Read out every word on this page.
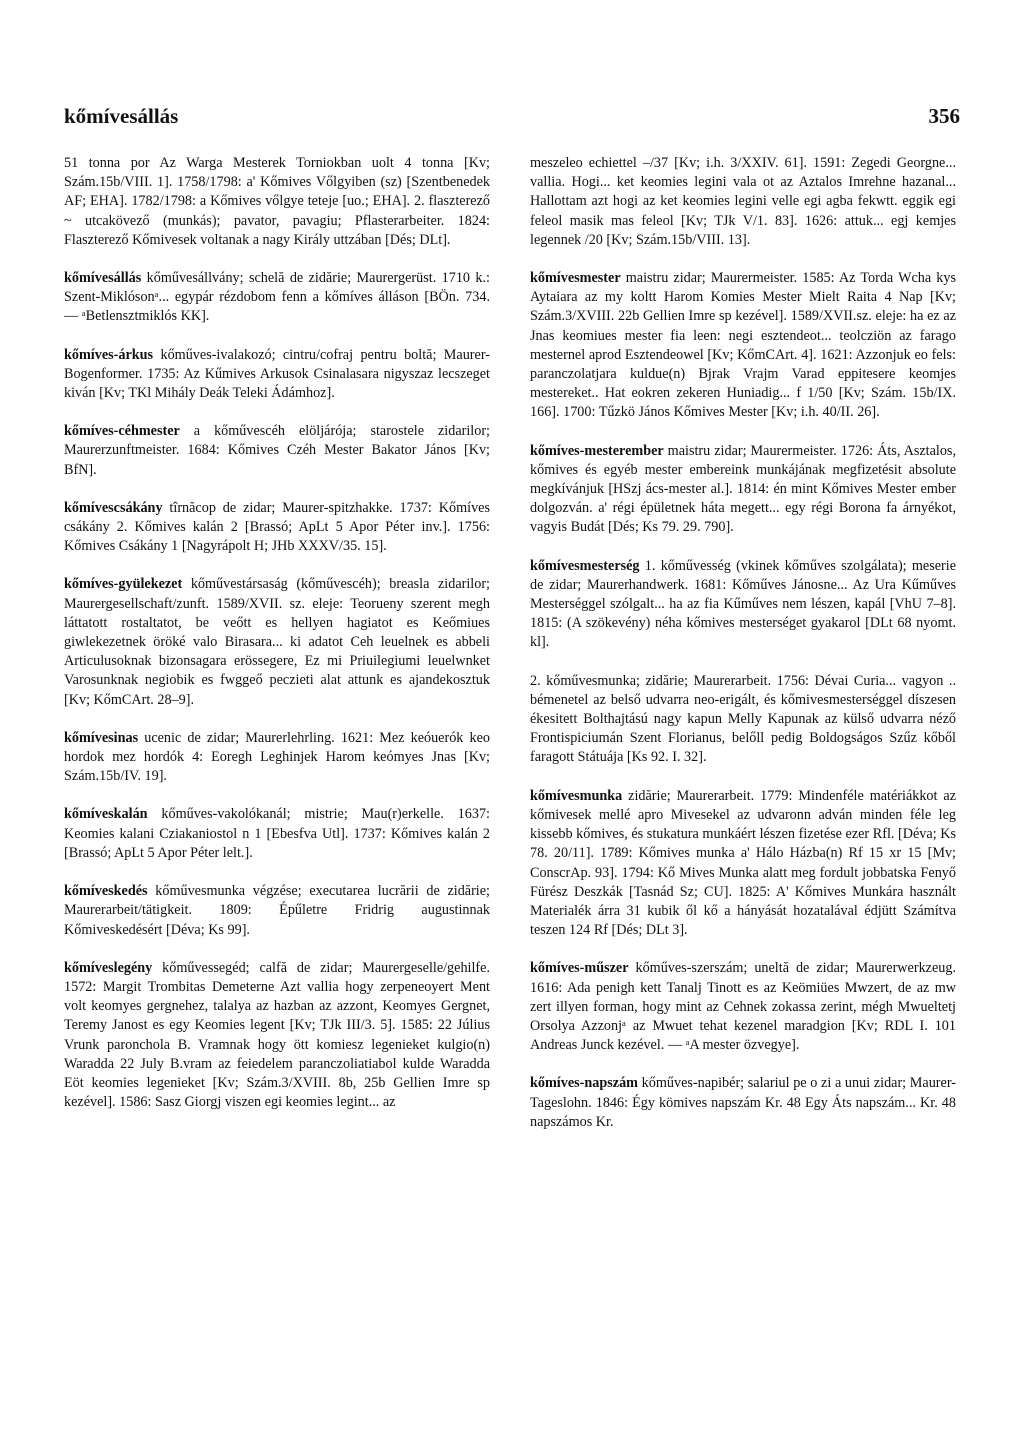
kőmívesállás	356

51 tonna por Az Warga Mesterek Torniokban uolt 4 tonna [Kv; Szám.15b/VIII. 1]. 1758/1798: a' Kőmives Vőlgyiben (sz) [Szentbenedek AF; EHA]. 1782/1798: a Kőmives vőlgye teteje [uo.; EHA]. 2. flaszterező ~ utcakövező (munkás); pavator, pavagiu; Pflasterarbeiter. 1824: Flaszterező Kőmivesek voltanak a nagy Király uttzában [Dés; DLt].

kőmívesállás kőművesállvány; schelă de zidărie; Maurergerüst. 1710 k.: Szent-Miklósonᵃ... egypár rézdobom fenn a kőmíves álláson [BÖn. 734. — ᵃBetlensztmiklós KK].

kőmíves-árkus kőműves-ivalakozó; cintru/cofraj pentru boltă; Maurer-Bogenformer. 1735: Az Kűmives Arkusok Csinalasara nigyszaz lecszeget kiván [Kv; TKl Mihály Deák Teleki Ádámhoz].

kőmíves-céhmester a kőművescéh elöljárója; starostele zidarilor; Maurerzunftmeister. 1684: Kőmives Czéh Mester Bakator János [Kv; BfN].

kőmívescsákány tîrnăcop de zidar; Maurer-spitzhakke. 1737: Kőmíves csákány 2. Kőmives kalán 2 [Brassó; ApLt 5 Apor Péter inv.]. 1756: Kőmives Csákány 1 [Nagyrápolt H; JHb XXXV/35. 15].

kőmíves-gyülekezet kőművestársaság (kőművescéh); breasla zidarilor; Maurergesellschaft/zunft. 1589/XVII. sz. eleje: Teorueny szerent megh láttatott rostaltatot, be veőtt es hellyen hagiatot es Keőmiues giwlekezetnek öröké valo Birasara... ki adatot Ceh leuelnek es abbeli Articulusoknak bizonsagara erössegere, Ez mi Priuilegiumi leuelwnket Varosunknak negiobik es fwggeő peczieti alat attunk es ajandekosztuk [Kv; KőmCArt. 28–9].

kőmívesinas ucenic de zidar; Maurerlehrling. 1621: Mez keóuerók keo hordok mez hordók 4: Eoregh Leghinjek Harom keómyes Jnas [Kv; Szám.15b/IV. 19].

kőmíveskalán kőműves-vakolókanál; mistrie; Mau(r)erkelle. 1637: Keomies kalani Cziakaniostol n 1 [Ebesfva Utl]. 1737: Kőmives kalán 2 [Brassó; ApLt 5 Apor Péter lelt.].

kőmíveskedés kőművesmunka végzése; executarea lucrării de zidărie; Maurerarbeit/tätigkeit. 1809: Épűletre Fridrig augustinnak Kőmiveskedésért [Déva; Ks 99].

kőmíveslegény kőművessegéd; calfă de zidar; Maurergeselle/gehilfe. 1572: Margit Trombitas Demeterne Azt vallia hogy zerpeneoyert Ment volt keomyes gergnehez, talalya az hazban az azzont, Keomyes Gergnet, Teremy Janost es egy Keomies legent [Kv; TJk III/3. 5]. 1585: 22 Július Vrunk paronchola B. Vramnak hogy ött komiesz legenieket kulgio(n) Waradda 22 July B.vram az feiedelem paranczoliatiabol kulde Waradda Eöt keomies legenieket [Kv; Szám.3/XVIII. 8b, 25b Gellien Imre sp kezével]. 1586: Sasz Giorgj viszen egi keomies legint... az

meszeleo echiettel –/37 [Kv; i.h. 3/XXIV. 61]. 1591: Zegedi Georgne... vallia. Hogi... ket keomies legini vala ot az Aztalos Imrehne hazanal... Hallottam azt hogi az ket keomies legini velle egi agba fekwtt. eggik egi feleol masik mas feleol [Kv; TJk V/1. 83]. 1626: attuk... egj kemjes legennek /20 [Kv; Szám.15b/VIII. 13].

kőmívesmester maistru zidar; Maurermeister. 1585: Az Torda Wcha kys Aytaiara az my koltt Harom Komies Mester Mielt Raita 4 Nap [Kv; Szám.3/XVIII. 22b Gellien Imre sp kezével]. 1589/XVII.sz. eleje: ha ez az Jnas keomiues mester fia leen: negi esztendeot... teolcziön az farago mesternel aprod Esztendeowel [Kv; KőmCArt. 4]. 1621: Azzonjuk eo fels: paranczolatjara kuldue(n) Bjrak Vrajm Varad eppitesere keomjes mestereket.. Hat eokren zekeren Huniadig... f 1/50 [Kv; Szám. 15b/IX. 166]. 1700: Tűzkö János Kőmives Mester [Kv; i.h. 40/II. 26].

kőmíves-mesterember maistru zidar; Maurermeister. 1726: Áts, Asztalos, kőmives és egyéb mester embereink munkájának megfizetésit absolute megkívánjuk [HSzj ács-mester al.]. 1814: én mint Kőmives Mester ember dolgozván. a' régi épületnek háta megett... egy régi Borona fa árnyékot, vagyis Budát [Dés; Ks 79. 29. 790].

kőmívesmesterség 1. kőművesség (vkinek kőműves szolgálata); meserie de zidar; Maurerhandwerk. 1681: Kőműves Jánosne... Az Ura Kűműves Mesterséggel szólgalt... ha az fia Kűműves nem lészen, kapál [VhU 7–8]. 1815: (A szökevény) néha kőmives mesterséget gyakarol [DLt 68 nyomt. kl].

2. kőművesmunka; zidărie; Maurerarbeit. 1756: Dévai Curia... vagyon .. bémenetel az belső udvarra neo-erigált, és kőmivesmesterséggel díszesen ékesitett Bolthajtású nagy kapun Melly Kapunak az külső udvarra néző Frontispiciumán Szent Florianus, belőll pedig Boldogságos Szűz kőből faragott Státuája [Ks 92. I. 32].

kőmívesmunka zidărie; Maurerarbeit. 1779: Mindenféle matériákkot az kőmivesek mellé apro Mivesekel az udvaronn adván minden féle leg kissebb kőmives, és stukatura munkáért lészen fizetése ezer Rfl. [Déva; Ks 78. 20/11]. 1789: Kőmives munka a' Hálo Házba(n) Rf 15 xr 15 [Mv; ConscrAp. 93]. 1794: Kő Mives Munka alatt meg fordult jobbatska Fenyő Fürész Deszkák [Tasnád Sz; CU]. 1825: A' Kőmives Munkára használt Materialék árra 31 kubik ől kő a hányását hozatalával édjütt Számítva teszen 124 Rf [Dés; DLt 3].

kőmíves-műszer kőműves-szerszám; uneltă de zidar; Maurerwerkzeug. 1616: Ada penigh kett Tanalj Tinott es az Keömiües Mwzert, de az mw zert illyen forman, hogy mint az Cehnek zokassa zerint, mégh Mwueltetj Orsolya Azzonjᵃ az Mwuet tehat kezenel maradgion [Kv; RDL I. 101 Andreas Junck kezével. — ᵃA mester özvegye].

kőmíves-napszám kőműves-napibér; salariul pe o zi a unui zidar; Maurer-Tageslohn. 1846: Égy kömives napszám Kr. 48 Egy Áts napszám... Kr. 48 napszámos Kr.
